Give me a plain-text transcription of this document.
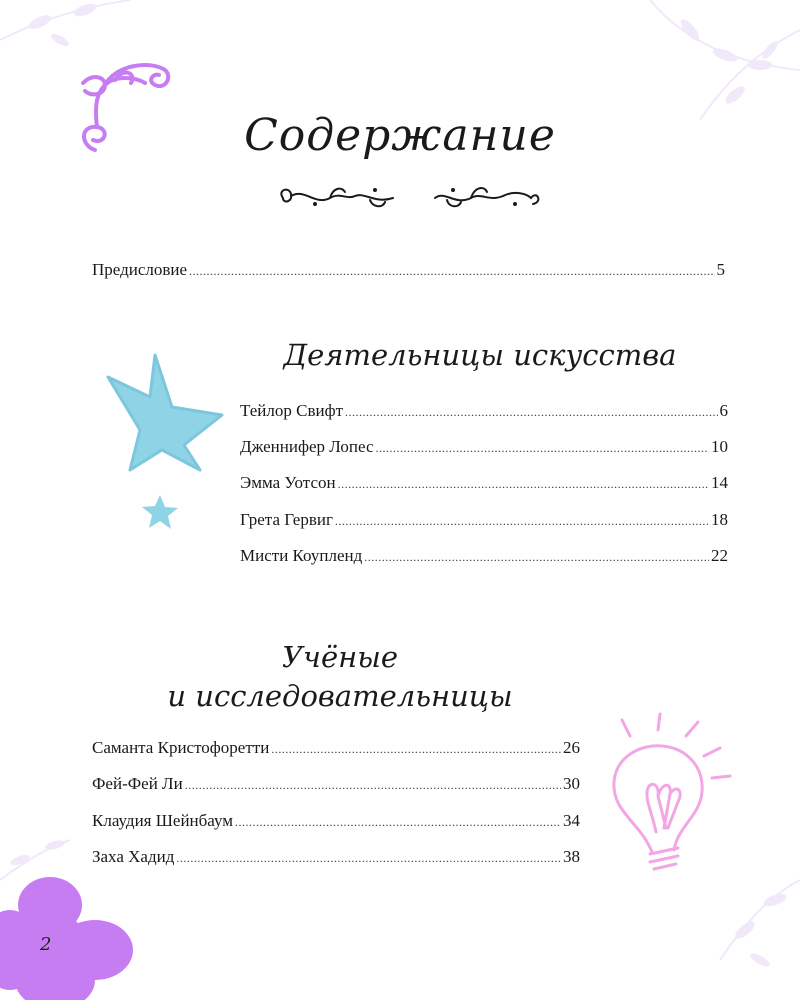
Содержание
Предисловие .....	5
Деятельницы искусства
Тейлор Свифт .....	6
Дженнифер Лопес .....	10
Эмма Уотсон .....	14
Грета Гервиг .....	18
Мисти Коупленд .....	22
Учёные
и исследовательницы
Саманта Кристофоретти .....	26
Фей-Фей Ли .....	30
Клаудия Шейнбаум .....	34
Заха Хадид .....	38
2
